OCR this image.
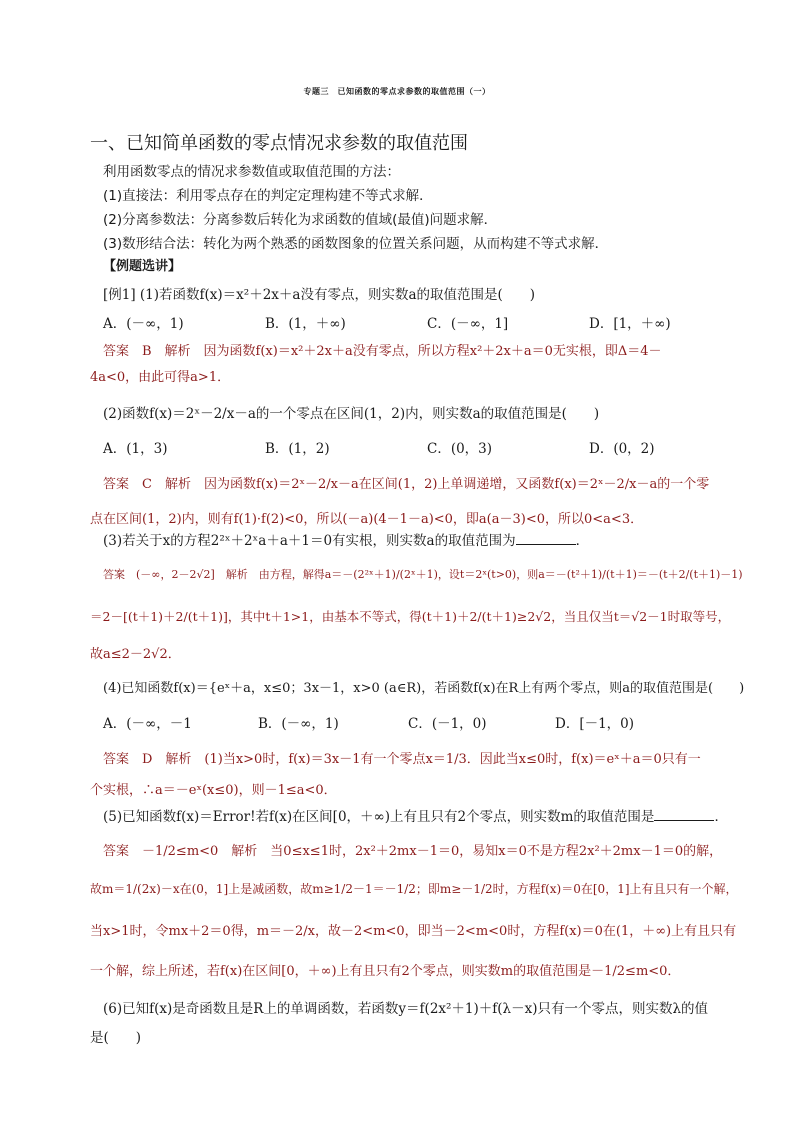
专题三　已知函数的零点求参数的取值范围（一）
一、已知简单函数的零点情况求参数的取值范围
利用函数零点的情况求参数值或取值范围的方法：
(1)直接法：利用零点存在的判定定理构建不等式求解．
(2)分离参数法：分离参数后转化为求函数的值域(最值)问题求解．
(3)数形结合法：转化为两个熟悉的函数图象的位置关系问题，从而构建不等式求解．
【例题选讲】
[例1] (1)若函数f(x)＝x²＋2x＋a没有零点，则实数a的取值范围是(　　)
A．(－∞，1)	B．(1，＋∞)	C．(－∞，1]	D．[1，＋∞)
答案　B　解析　因为函数f(x)＝x²＋2x＋a没有零点，所以方程x²＋2x＋a＝0无实根，即Δ＝4－
4a<0，由此可得a>1．
(2)函数f(x)＝2ˣ－2/x－a的一个零点在区间(1，2)内，则实数a的取值范围是(　　)
A．(1，3)	B．(1，2)	C．(0，3)	D．(0，2)
答案　C　解析　因为函数f(x)＝2ˣ－2/x－a在区间(1，2)上单调递增，又函数f(x)＝2ˣ－2/x－a的一个零
点在区间(1，2)内，则有f(1)·f(2)<0，所以(－a)(4－1－a)<0，即a(a－3)<0，所以0<a<3．
(3)若关于x的方程2²ˣ＋2ˣa＋a＋1＝0有实根，则实数a的取值范围为	．
答案　(－∞，2－2√2]　解析　由方程，解得a＝－(2²ˣ＋1)/(2ˣ＋1)，设t＝2ˣ(t>0)，则a＝－(t²＋1)/(t＋1)＝－(t＋2/(t＋1)－1)
＝2－[(t＋1)＋2/(t＋1)]，其中t＋1>1，由基本不等式，得(t＋1)＋2/(t＋1)≥2√2，当且仅当t＝√2－1时取等号，
故a≤2－2√2．
(4)已知函数f(x)＝{eˣ＋a，x≤0；3x－1，x>0 (a∈R)，若函数f(x)在R上有两个零点，则a的取值范围是(　　)
A．(－∞，－1	B．(－∞，1)	C．(－1，0)	D．[－1，0)
答案　D　解析　(1)当x>0时，f(x)＝3x－1有一个零点x＝1/3．因此当x≤0时，f(x)＝eˣ＋a＝0只有一
个实根，∴a＝－eˣ(x≤0)，则－1≤a<0．
(5)已知函数f(x)＝Error!若f(x)在区间[0，＋∞)上有且只有2个零点，则实数m的取值范围是	．
答案　－1/2≤m<0　解析　当0≤x≤1时，2x²＋2mx－1＝0，易知x＝0不是方程2x²＋2mx－1＝0的解，
故m＝1/(2x)－x在(0，1]上是减函数，故m≥1/2－1＝－1/2；即m≥－1/2时，方程f(x)＝0在[0，1]上有且只有一个解，
当x>1时，令mx＋2＝0得，m＝－2/x，故－2<m<0，即当－2<m<0时，方程f(x)＝0在(1，＋∞)上有且只有
一个解，综上所述，若f(x)在区间[0，＋∞)上有且只有2个零点，则实数m的取值范围是－1/2≤m<0．
(6)已知f(x)是奇函数且是R上的单调函数，若函数y＝f(2x²＋1)＋f(λ－x)只有一个零点，则实数λ的值
是(　　)
